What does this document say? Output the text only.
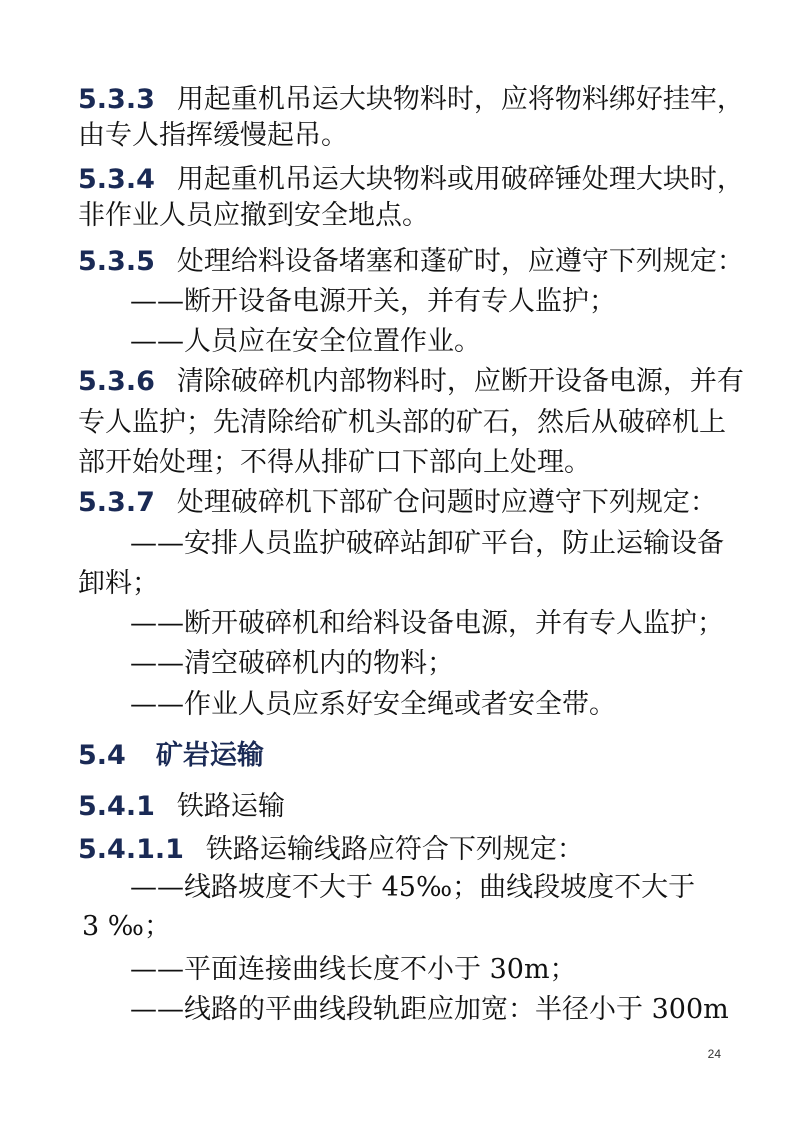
5.3.3 用起重机吊运大块物料时，应将物料绑好挂牢，

由专人指挥缓慢起吊。

5.3.4 用起重机吊运大块物料或用破碎锤处理大块时，

非作业人员应撤到安全地点。

5.3.5 处理给料设备堵塞和蓬矿时，应遵守下列规定：

——断开设备电源开关，并有专人监护；

——人员应在安全位置作业。

5.3.6 清除破碎机内部物料时，应断开设备电源，并有

专人监护；先清除给矿机头部的矿石，然后从破碎机上

部开始处理；不得从排矿口下部向上处理。

5.3.7 处理破碎机下部矿仓问题时应遵守下列规定：

——安排人员监护破碎站卸矿平台，防止运输设备

卸料；

——断开破碎机和给料设备电源，并有专人监护；

——清空破碎机内的物料；

——作业人员应系好安全绳或者安全带。

5.4 矿岩运输

5.4.1 铁路运输

5.4.1.1 铁路运输线路应符合下列规定：

——线路坡度不大于 45‰；曲线段坡度不大于

3 ‰；

——平面连接曲线长度不小于 30m；

——线路的平曲线段轨距应加宽：半径小于 300m

24
